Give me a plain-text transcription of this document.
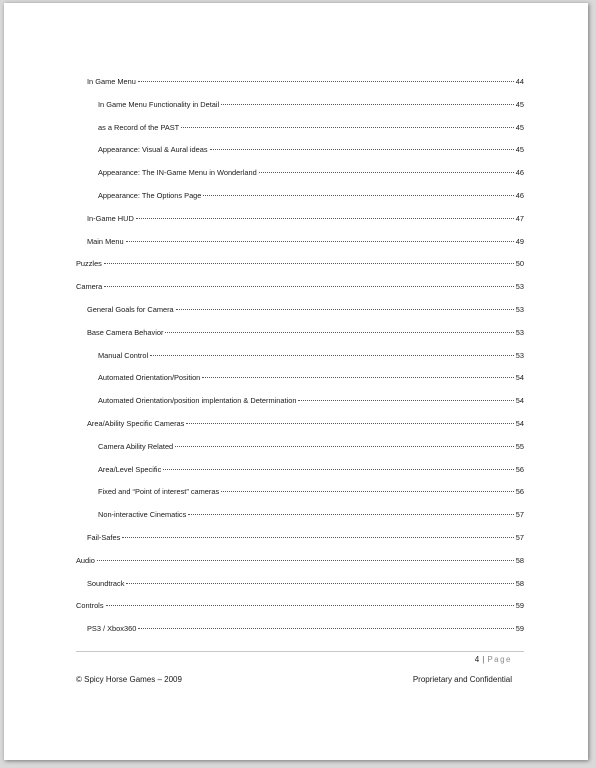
In Game Menu	44
In Game Menu Functionality in Detail	45
as a Record of the PAST	45
Appearance: Visual & Aural ideas	45
Appearance: The IN-Game Menu in Wonderland	46
Appearance: The Options Page	46
In-Game HUD	47
Main Menu	49
Puzzles	50
Camera	53
General Goals for Camera	53
Base Camera Behavior	53
Manual Control	53
Automated Orientation/Position	54
Automated Orientation/position implentation & Determination	54
Area/Ability Specific Cameras	54
Camera Ability Related	55
Area/Level Specific	56
Fixed and “Point of interest” cameras	56
Non-interactive Cinematics	57
Fail-Safes	57
Audio	58
Soundtrack	58
Controls	59
PS3 / Xbox360	59
4 | Page
© Spicy Horse Games – 2009	Proprietary and Confidential
